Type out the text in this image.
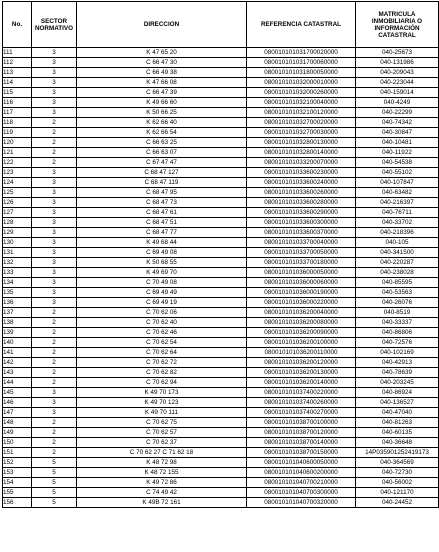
No.	SECTOR NORMATIVO	DIRECCION	REFERENCIA CATASTRAL	MATRICULA INMOBILIARIA O INFORMACIÓN CATASTRAL
111	3	K 47 65 20	080010101031700020000	040-25673
112	3	C 66 47 30	080010101031700060000	040-131986
113	3	C 66 49 38	080010101031800050000	040-209043
114	3	K 47 66 08	080010101032000010000	040-223044
115	3	C 66 47 39	080010101032000260000	040-159014
116	3	K 49 66 60	080010101032100040000	040-4249
117	3	K 50 66 25	080010101032100120000	040-22299
118	2	K 62 66 40	080010101032700020000	040-74342
119	2	K 62 66 54	080010101032700030000	040-30847
120	2	C 66 63 25	080010101032800130000	040-10481
121	2	C 66 63 07	080010101032800140000	040-11922
122	2	C 67 47 47	080010101033200070000	040-54538
123	3	C 68 47 127	080010101033600230000	040-55102
124	3	C 68 47 119	080010101033600240000	040-107847
125	3	C 68 47 95	080010101033600260000	040-63482
126	3	C 68 47 73	080010101033600280000	040-216397
127	3	C 68 47 61	080010101033600290000	040-76711
128	3	C 68 47 51	080010101033600300000	040-33702
129	3	C 68 47 77	080010101033600370000	040-218396
130	3	K 49 68 44	080010101033700040000	040-105
131	3	C 69 49 08	080010101033700050000	040-341500
132	3	K 50 68 55	080010101033700180000	040-220287
133	3	K 49 69 70	080010101036000050000	040-238028
134	3	C 70 49 08	080010101036000060000	040-85595
135	3	C 69 49 49	080010101036000190000	040-53563
136	3	C 69 49 19	080010101036000220000	040-26076
137	2	C 70 62 06	080010101036200040000	040-8519
138	2	C 70 62 40	080010101036200080000	040-33337
139	2	C 70 62 46	080010101036200090000	040-86806
140	2	C 70 62 54	080010101036200100000	040-72576
141	2	C 70 62 64	080010101036200110000	040-102169
142	2	C 70 62 72	080010101036200120000	040-42913
143	2	C 70 62 82	080010101036200130000	040-78639
144	2	C 70 62 94	080010101036200140000	040-203245
145	3	K 49 70 173	080010101037400220000	040-86924
146	3	K 49 70 123	080010101037400260000	040-136527
147	3	K 49 70 111	080010101037400270000	040-47040
148	2	C 70 62 75	080010101038700100000	040-81263
149	2	C 70 62 57	080010101038700120000	040-60135
150	2	C 70 62 37	080010101038700140000	040-36648
151	2	C 70 62 27 C 71 62 18	080010101038700150000	14P035901252419173
152	5	K 48 72 98	080010101040600050000	040-364569
153	5	K 48 72 155	080010101040600200000	040-72730
154	5	K 49 72 86	080010101040700210000	040-56002
155	5	C 74 49 42	080010101040700300000	040-121170
156	5	K 49B 72 161	080010101040700320000	040-24452
